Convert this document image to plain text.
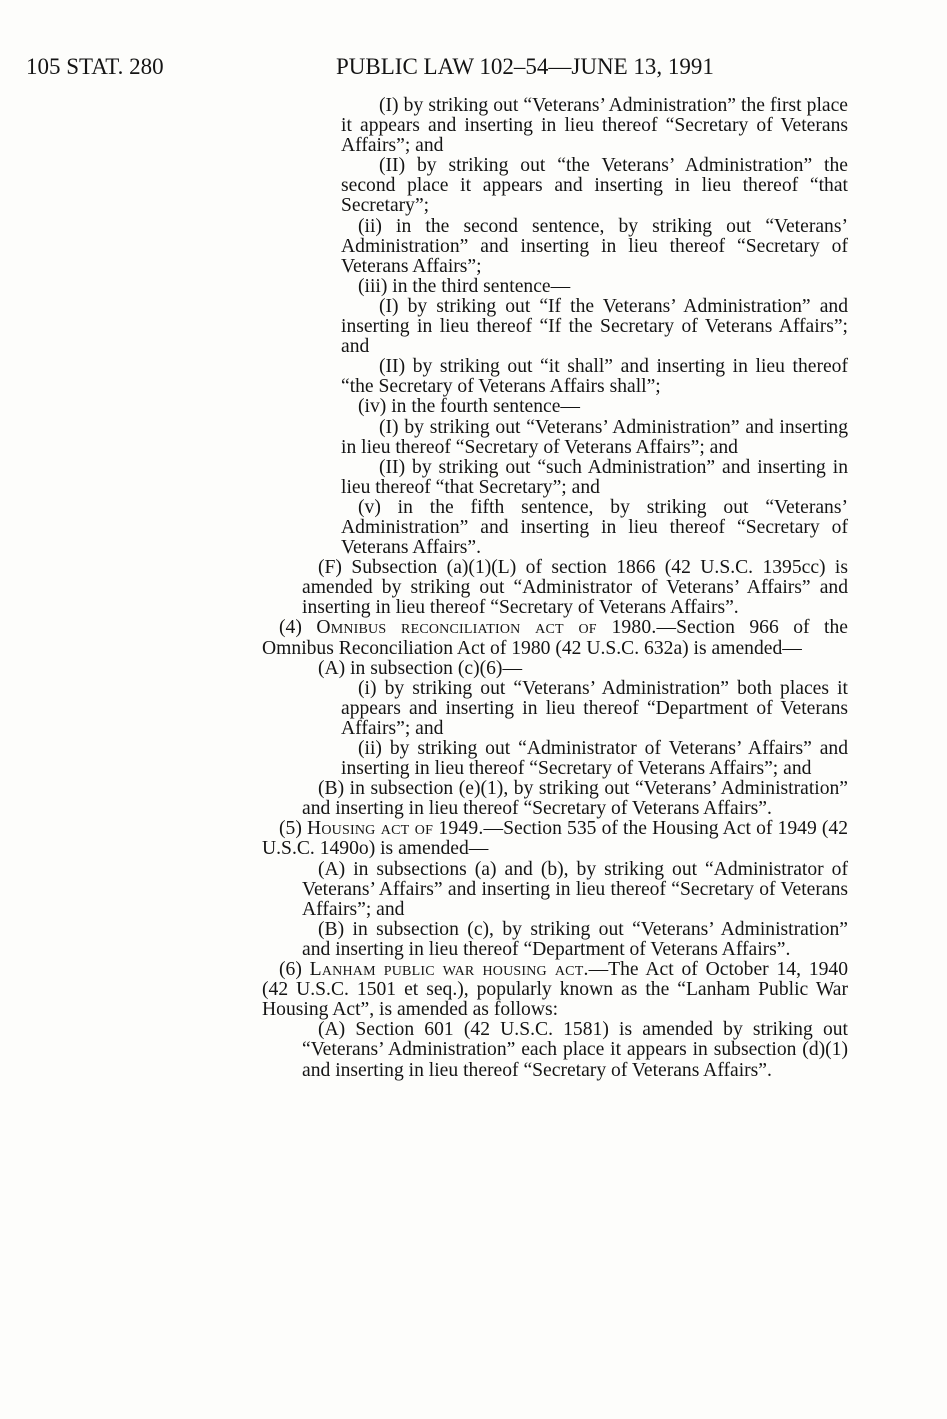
105 STAT. 280	PUBLIC LAW 102–54—JUNE 13, 1991

(I) by striking out “Veterans’ Administration” the first place it appears and inserting in lieu thereof “Secretary of Veterans Affairs”; and

(II) by striking out “the Veterans’ Administration” the second place it appears and inserting in lieu thereof “that Secretary”;

(ii) in the second sentence, by striking out “Veterans’ Administration” and inserting in lieu thereof “Secretary of Veterans Affairs”;

(iii) in the third sentence—

(I) by striking out “If the Veterans’ Administration” and inserting in lieu thereof “If the Secretary of Veterans Affairs”; and

(II) by striking out “it shall” and inserting in lieu thereof “the Secretary of Veterans Affairs shall”;

(iv) in the fourth sentence—

(I) by striking out “Veterans’ Administration” and inserting in lieu thereof “Secretary of Veterans Affairs”; and

(II) by striking out “such Administration” and inserting in lieu thereof “that Secretary”; and

(v) in the fifth sentence, by striking out “Veterans’ Administration” and inserting in lieu thereof “Secretary of Veterans Affairs”.

(F) Subsection (a)(1)(L) of section 1866 (42 U.S.C. 1395cc) is amended by striking out “Administrator of Veterans’ Affairs” and inserting in lieu thereof “Secretary of Veterans Affairs”.

(4) Omnibus reconciliation act of 1980.—Section 966 of the Omnibus Reconciliation Act of 1980 (42 U.S.C. 632a) is amended—

(A) in subsection (c)(6)—

(i) by striking out “Veterans’ Administration” both places it appears and inserting in lieu thereof “Department of Veterans Affairs”; and

(ii) by striking out “Administrator of Veterans’ Affairs” and inserting in lieu thereof “Secretary of Veterans Affairs”; and

(B) in subsection (e)(1), by striking out “Veterans’ Administration” and inserting in lieu thereof “Secretary of Veterans Affairs”.

(5) Housing act of 1949.—Section 535 of the Housing Act of 1949 (42 U.S.C. 1490o) is amended—

(A) in subsections (a) and (b), by striking out “Administrator of Veterans’ Affairs” and inserting in lieu thereof “Secretary of Veterans Affairs”; and

(B) in subsection (c), by striking out “Veterans’ Administration” and inserting in lieu thereof “Department of Veterans Affairs”.

(6) Lanham public war housing act.—The Act of October 14, 1940 (42 U.S.C. 1501 et seq.), popularly known as the “Lanham Public War Housing Act”, is amended as follows:

(A) Section 601 (42 U.S.C. 1581) is amended by striking out “Veterans’ Administration” each place it appears in subsection (d)(1) and inserting in lieu thereof “Secretary of Veterans Affairs”.
